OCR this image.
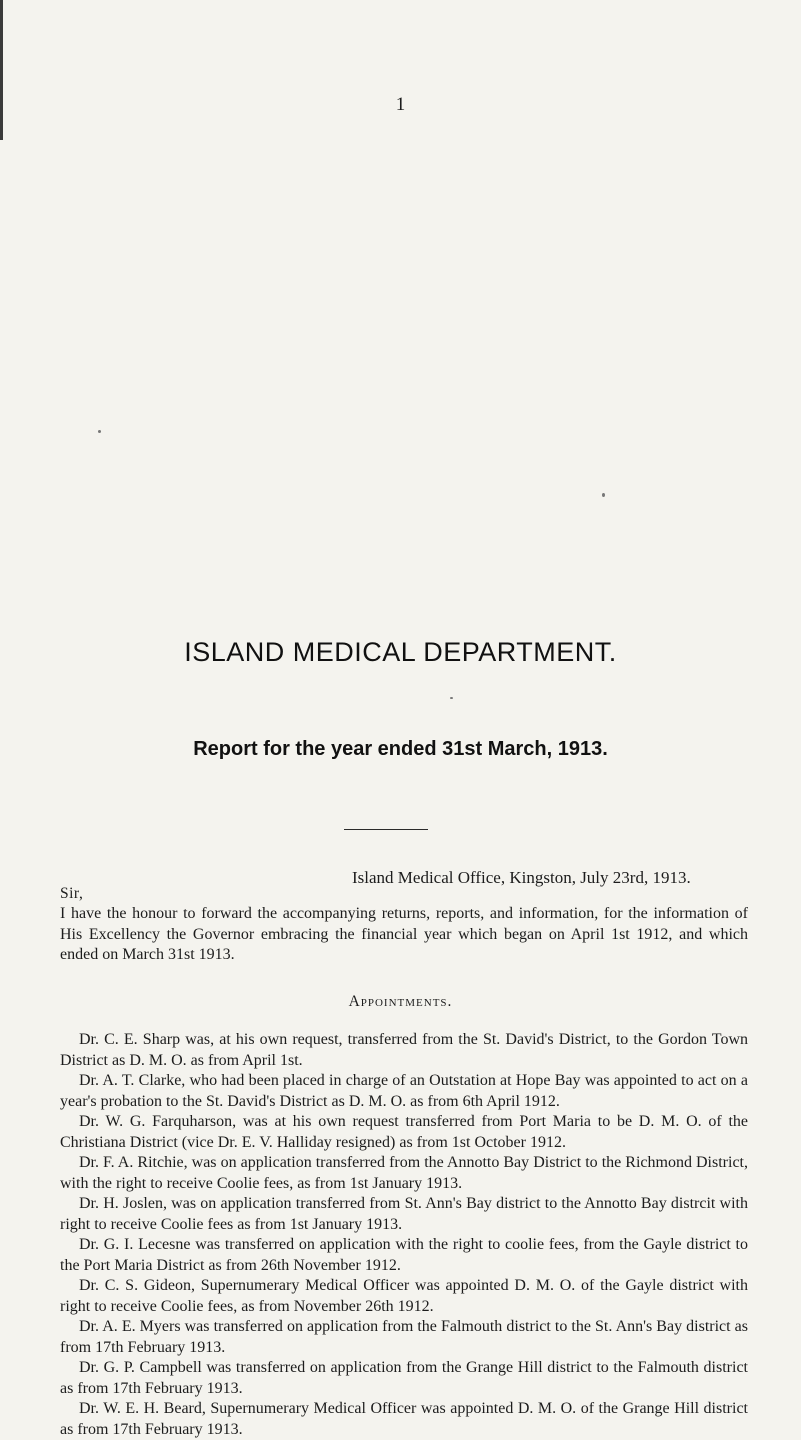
1
ISLAND MEDICAL DEPARTMENT.
Report for the year ended 31st March, 1913.
Island Medical Office, Kingston, July 23rd, 1913.
Sir,
I have the honour to forward the accompanying returns, reports, and information, for the information of His Excellency the Governor embracing the financial year which began on April 1st 1912, and which ended on March 31st 1913.
Appointments.

Dr. C. E. Sharp was, at his own request, transferred from the St. David's District, to the Gordon Town District as D. M. O. as from April 1st.

Dr. A. T. Clarke, who had been placed in charge of an Outstation at Hope Bay was appointed to act on a year's probation to the St. David's District as D. M. O. as from 6th April 1912.

Dr. W. G. Farquharson, was at his own request transferred from Port Maria to be D. M. O. of the Christiana District (vice Dr. E. V. Halliday resigned) as from 1st October 1912.

Dr. F. A. Ritchie, was on application transferred from the Annotto Bay District to the Richmond District, with the right to receive Coolie fees, as from 1st January 1913.

Dr. H. Joslen, was on application transferred from St. Ann's Bay district to the Annotto Bay distrcit with right to receive Coolie fees as from 1st January 1913.

Dr. G. I. Lecesne was transferred on application with the right to coolie fees, from the Gayle district to the Port Maria District as from 26th November 1912.

Dr. C. S. Gideon, Supernumerary Medical Officer was appointed D. M. O. of the Gayle district with right to receive Coolie fees, as from November 26th 1912.

Dr. A. E. Myers was transferred on application from the Falmouth district to the St. Ann's Bay district as from 17th February 1913.

Dr. G. P. Campbell was transferred on application from the Grange Hill district to the Falmouth district as from 17th February 1913.

Dr. W. E. H. Beard, Supernumerary Medical Officer was appointed D. M. O. of the Grange Hill district as from 17th February 1913.
